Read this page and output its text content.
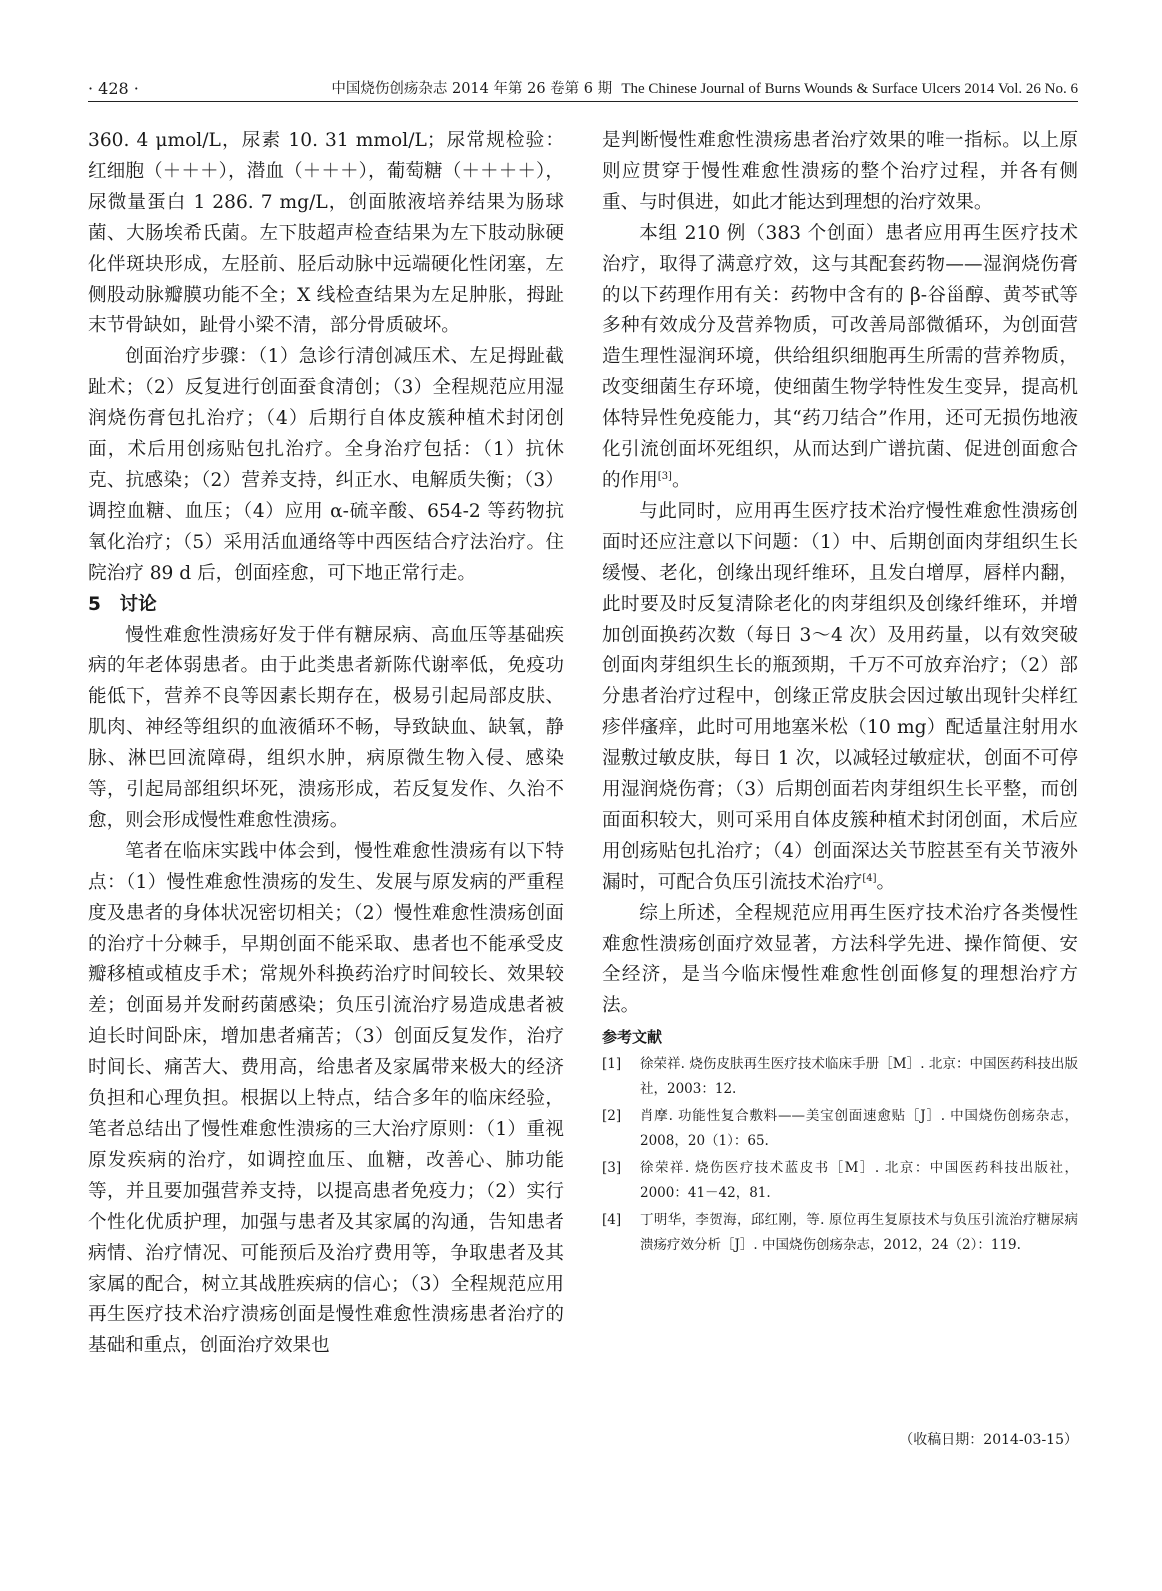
· 428 ·	中国烧伤创疡杂志 2014 年第 26 卷第 6 期 The Chinese Journal of Burns Wounds & Surface Ulcers 2014 Vol. 26 No. 6

360. 4 μmol/L，尿素 10. 31 mmol/L；尿常规检验：红细胞（＋＋＋），潜血（＋＋＋），葡萄糖（＋＋＋＋），尿微量蛋白 1 286. 7 mg/L，创面脓液培养结果为肠球菌、大肠埃希氏菌。左下肢超声检查结果为左下肢动脉硬化伴斑块形成，左胫前、胫后动脉中远端硬化性闭塞，左侧股动脉瓣膜功能不全；X 线检查结果为左足肿胀，拇趾末节骨缺如，趾骨小梁不清，部分骨质破坏。

创面治疗步骤：（1）急诊行清创减压术、左足拇趾截趾术；（2）反复进行创面蚕食清创；（3）全程规范应用湿润烧伤膏包扎治疗；（4）后期行自体皮簇种植术封闭创面，术后用创疡贴包扎治疗。全身治疗包括：（1）抗休克、抗感染；（2）营养支持，纠正水、电解质失衡；（3）调控血糖、血压；（4）应用 α-硫辛酸、654-2 等药物抗氧化治疗；（5）采用活血通络等中西医结合疗法治疗。住院治疗 89 d 后，创面痊愈，可下地正常行走。

5　讨论

慢性难愈性溃疡好发于伴有糖尿病、高血压等基础疾病的年老体弱患者。由于此类患者新陈代谢率低，免疫功能低下，营养不良等因素长期存在，极易引起局部皮肤、肌肉、神经等组织的血液循环不畅，导致缺血、缺氧，静脉、淋巴回流障碍，组织水肿，病原微生物入侵、感染等，引起局部组织坏死，溃疡形成，若反复发作、久治不愈，则会形成慢性难愈性溃疡。

笔者在临床实践中体会到，慢性难愈性溃疡有以下特点：（1）慢性难愈性溃疡的发生、发展与原发病的严重程度及患者的身体状况密切相关；（2）慢性难愈性溃疡创面的治疗十分棘手，早期创面不能采取、患者也不能承受皮瓣移植或植皮手术；常规外科换药治疗时间较长、效果较差；创面易并发耐药菌感染；负压引流治疗易造成患者被迫长时间卧床，增加患者痛苦；（3）创面反复发作，治疗时间长、痛苦大、费用高，给患者及家属带来极大的经济负担和心理负担。根据以上特点，结合多年的临床经验，笔者总结出了慢性难愈性溃疡的三大治疗原则：（1）重视原发疾病的治疗，如调控血压、血糖，改善心、肺功能等，并且要加强营养支持，以提高患者免疫力；（2）实行个性化优质护理，加强与患者及其家属的沟通，告知患者病情、治疗情况、可能预后及治疗费用等，争取患者及其家属的配合，树立其战胜疾病的信心；（3）全程规范应用再生医疗技术治疗溃疡创面是慢性难愈性溃疡患者治疗的基础和重点，创面治疗效果也

是判断慢性难愈性溃疡患者治疗效果的唯一指标。以上原则应贯穿于慢性难愈性溃疡的整个治疗过程，并各有侧重、与时俱进，如此才能达到理想的治疗效果。

本组 210 例（383 个创面）患者应用再生医疗技术治疗，取得了满意疗效，这与其配套药物——湿润烧伤膏的以下药理作用有关：药物中含有的 β-谷甾醇、黄芩甙等多种有效成分及营养物质，可改善局部微循环，为创面营造生理性湿润环境，供给组织细胞再生所需的营养物质，改变细菌生存环境，使细菌生物学特性发生变异，提高机体特异性免疫能力，其“药刀结合”作用，还可无损伤地液化引流创面坏死组织，从而达到广谱抗菌、促进创面愈合的作用[3]。

与此同时，应用再生医疗技术治疗慢性难愈性溃疡创面时还应注意以下问题：（1）中、后期创面肉芽组织生长缓慢、老化，创缘出现纤维环，且发白增厚，唇样内翻，此时要及时反复清除老化的肉芽组织及创缘纤维环，并增加创面换药次数（每日 3～4 次）及用药量，以有效突破创面肉芽组织生长的瓶颈期，千万不可放弃治疗；（2）部分患者治疗过程中，创缘正常皮肤会因过敏出现针尖样红疹伴瘙痒，此时可用地塞米松（10 mg）配适量注射用水湿敷过敏皮肤，每日 1 次，以减轻过敏症状，创面不可停用湿润烧伤膏；（3）后期创面若肉芽组织生长平整，而创面面积较大，则可采用自体皮簇种植术封闭创面，术后应用创疡贴包扎治疗；（4）创面深达关节腔甚至有关节液外漏时，可配合负压引流技术治疗[4]。

综上所述，全程规范应用再生医疗技术治疗各类慢性难愈性溃疡创面疗效显著，方法科学先进、操作简便、安全经济，是当今临床慢性难愈性创面修复的理想治疗方法。

参考文献
[1] 徐荣祥. 烧伤皮肤再生医疗技术临床手册［M］. 北京：中国医药科技出版社，2003：12.
[2] 肖摩. 功能性复合敷料——美宝创面速愈贴［J］. 中国烧伤创疡杂志，2008，20（1）：65.
[3] 徐荣祥. 烧伤医疗技术蓝皮书［M］. 北京：中国医药科技出版社，2000：41－42，81.
[4] 丁明华，李贺海，邱红刚，等. 原位再生复原技术与负压引流治疗糖尿病溃疡疗效分析［J］. 中国烧伤创疡杂志，2012，24（2）：119.
（收稿日期：2014-03-15）
